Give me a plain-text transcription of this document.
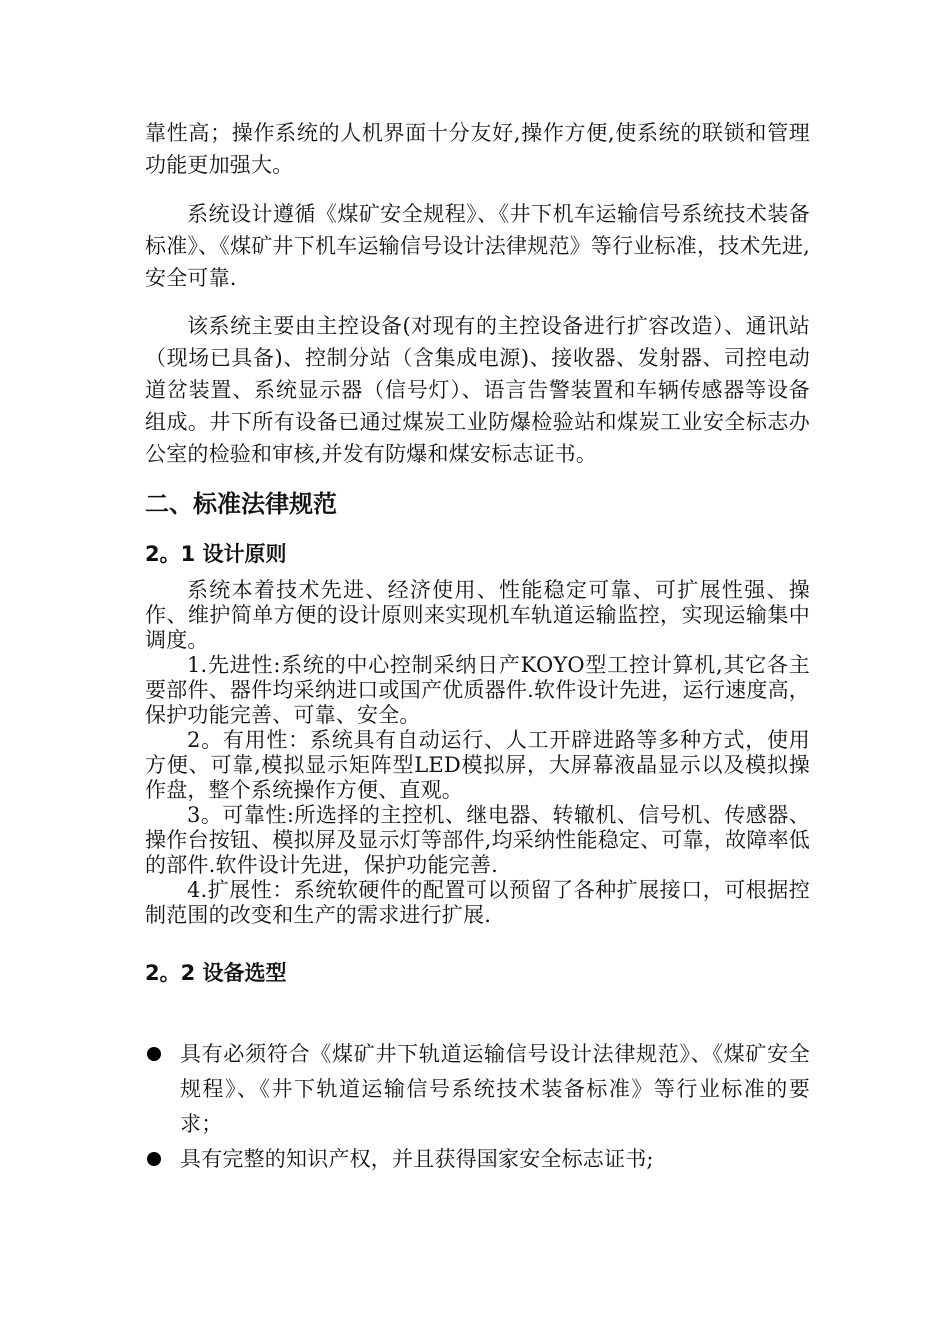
靠性高；操作系统的人机界面十分友好,操作方便,使系统的联锁和管理功能更加强大。

系统设计遵循《煤矿安全规程》、《井下机车运输信号系统技术装备标准》、《煤矿井下机车运输信号设计法律规范》等行业标准，技术先进,安全可靠.

该系统主要由主控设备(对现有的主控设备进行扩容改造）、通讯站（现场已具备)、控制分站（含集成电源)、接收器、发射器、司控电动道岔装置、系统显示器（信号灯）、语言告警装置和车辆传感器等设备组成。井下所有设备已通过煤炭工业防爆检验站和煤炭工业安全标志办公室的检验和审核,并发有防爆和煤安标志证书。

二、标准法律规范
2。1 设计原则

系统本着技术先进、经济使用、性能稳定可靠、可扩展性强、操作、维护简单方便的设计原则来实现机车轨道运输监控，实现运输集中调度。

1.先进性:系统的中心控制采纳日产KOYO型工控计算机,其它各主要部件、器件均采纳进口或国产优质器件.软件设计先进，运行速度高，保护功能完善、可靠、安全。

2。有用性：系统具有自动运行、人工开辟进路等多种方式，使用方便、可靠,模拟显示矩阵型LED模拟屏，大屏幕液晶显示以及模拟操作盘，整个系统操作方便、直观。

3。可靠性:所选择的主控机、继电器、转辙机、信号机、传感器、操作台按钮、模拟屏及显示灯等部件,均采纳性能稳定、可靠，故障率低的部件.软件设计先进，保护功能完善.

4.扩展性：系统软硬件的配置可以预留了各种扩展接口，可根据控制范围的改变和生产的需求进行扩展.

2。2 设备选型
具有必须符合《煤矿井下轨道运输信号设计法律规范》、《煤矿安全规程》、《井下轨道运输信号系统技术装备标准》等行业标准的要求；
具有完整的知识产权，并且获得国家安全标志证书;
